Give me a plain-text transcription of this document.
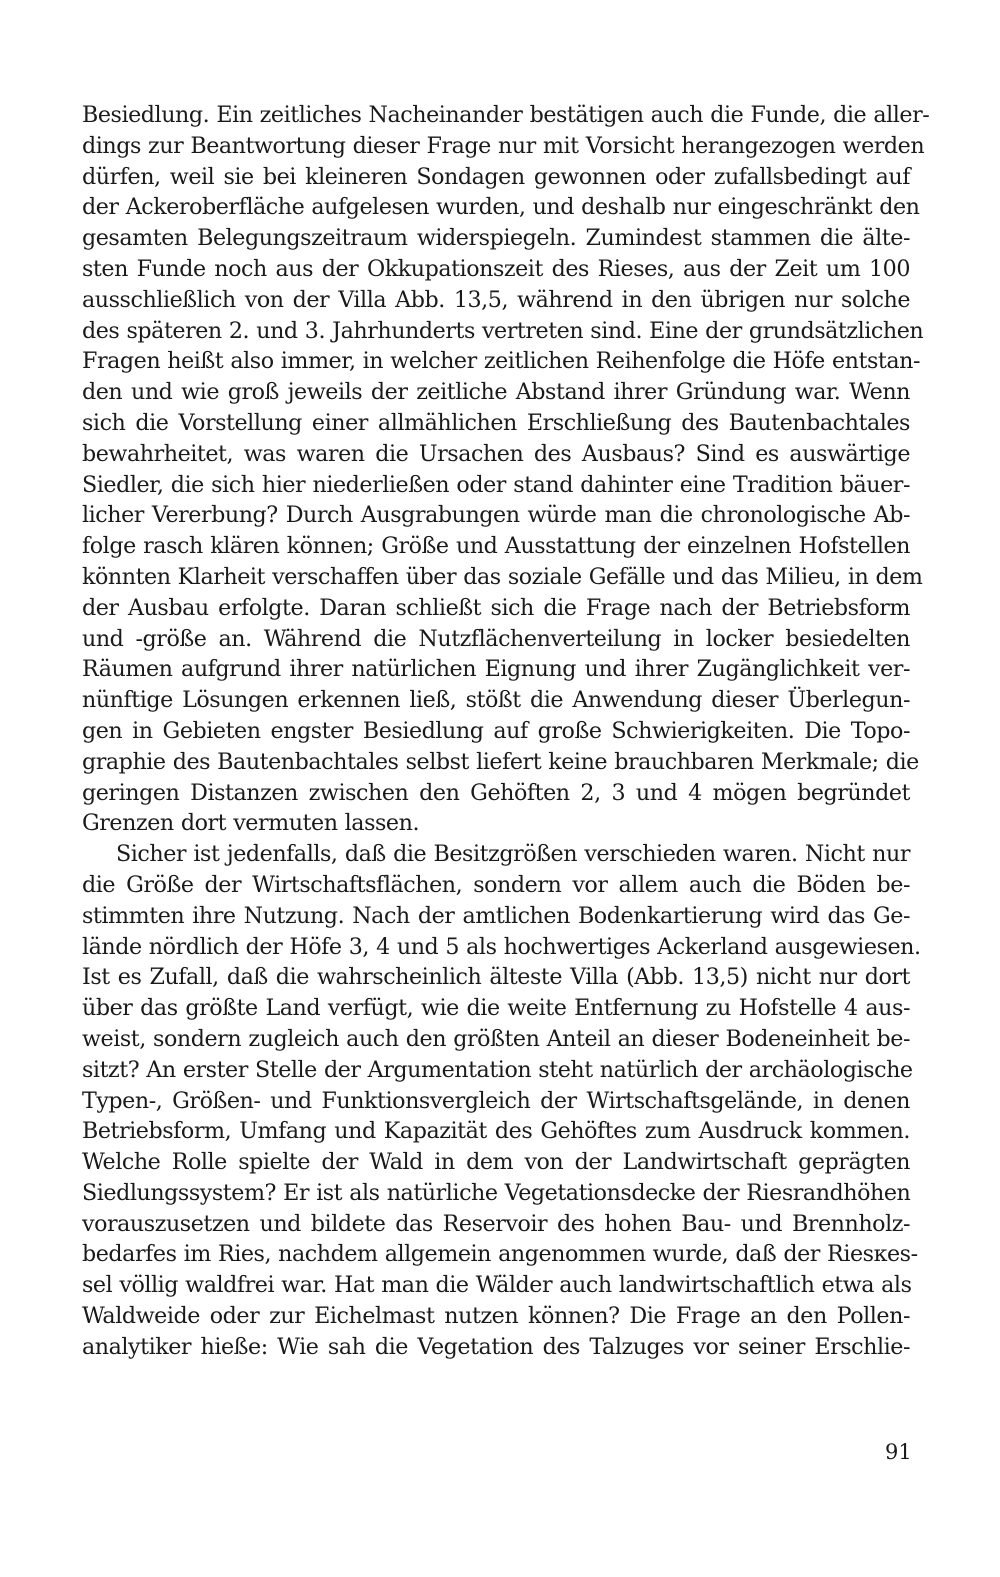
Besiedlung. Ein zeitliches Nacheinander bestätigen auch die Funde, die aller-
dings zur Beantwortung dieser Frage nur mit Vorsicht herangezogen werden
dürfen, weil sie bei kleineren Sondagen gewonnen oder zufallsbedingt auf
der Ackeroberfläche aufgelesen wurden, und deshalb nur eingeschränkt den
gesamten Belegungszeitraum widerspiegeln. Zumindest stammen die älte-
sten Funde noch aus der Okkupationszeit des Rieses, aus der Zeit um 100
ausschließlich von der Villa Abb. 13,5, während in den übrigen nur solche
des späteren 2. und 3. Jahrhunderts vertreten sind. Eine der grundsätzlichen
Fragen heißt also immer, in welcher zeitlichen Reihenfolge die Höfe entstan-
den und wie groß jeweils der zeitliche Abstand ihrer Gründung war. Wenn
sich die Vorstellung einer allmählichen Erschließung des Bautenbachtales
bewahrheitet, was waren die Ursachen des Ausbaus? Sind es auswärtige
Siedler, die sich hier niederließen oder stand dahinter eine Tradition bäuer-
licher Vererbung? Durch Ausgrabungen würde man die chronologische Ab-
folge rasch klären können; Größe und Ausstattung der einzelnen Hofstellen
könnten Klarheit verschaffen über das soziale Gefälle und das Milieu, in dem
der Ausbau erfolgte. Daran schließt sich die Frage nach der Betriebsform
und -größe an. Während die Nutzflächenverteilung in locker besiedelten
Räumen aufgrund ihrer natürlichen Eignung und ihrer Zugänglichkeit ver-
nünftige Lösungen erkennen ließ, stößt die Anwendung dieser Überlegun-
gen in Gebieten engster Besiedlung auf große Schwierigkeiten. Die Topo-
graphie des Bautenbachtales selbst liefert keine brauchbaren Merkmale; die
geringen Distanzen zwischen den Gehöften 2, 3 und 4 mögen begründet
Grenzen dort vermuten lassen.

Sicher ist jedenfalls, daß die Besitzgrößen verschieden waren. Nicht nur
die Größe der Wirtschaftsflächen, sondern vor allem auch die Böden be-
stimmten ihre Nutzung. Nach der amtlichen Bodenkartierung wird das Ge-
lände nördlich der Höfe 3, 4 und 5 als hochwertiges Ackerland ausgewiesen.
Ist es Zufall, daß die wahrscheinlich älteste Villa (Abb. 13,5) nicht nur dort
über das größte Land verfügt, wie die weite Entfernung zu Hofstelle 4 aus-
weist, sondern zugleich auch den größten Anteil an dieser Bodeneinheit be-
sitzt? An erster Stelle der Argumentation steht natürlich der archäologische
Typen-, Größen- und Funktionsvergleich der Wirtschaftsgelände, in denen
Betriebsform, Umfang und Kapazität des Gehöftes zum Ausdruck kommen.
Welche Rolle spielte der Wald in dem von der Landwirtschaft geprägten
Siedlungssystem? Er ist als natürliche Vegetationsdecke der Riesrandhöhen
vorauszusetzen und bildete das Reservoir des hohen Bau- und Brennholz-
bedarfes im Ries, nachdem allgemein angenommen wurde, daß der Riesкes-
sel völlig waldfrei war. Hat man die Wälder auch landwirtschaftlich etwa als
Waldweide oder zur Eichelmast nutzen können? Die Frage an den Pollen-
analytiker hieße: Wie sah die Vegetation des Talzuges vor seiner Erschlie-

91
